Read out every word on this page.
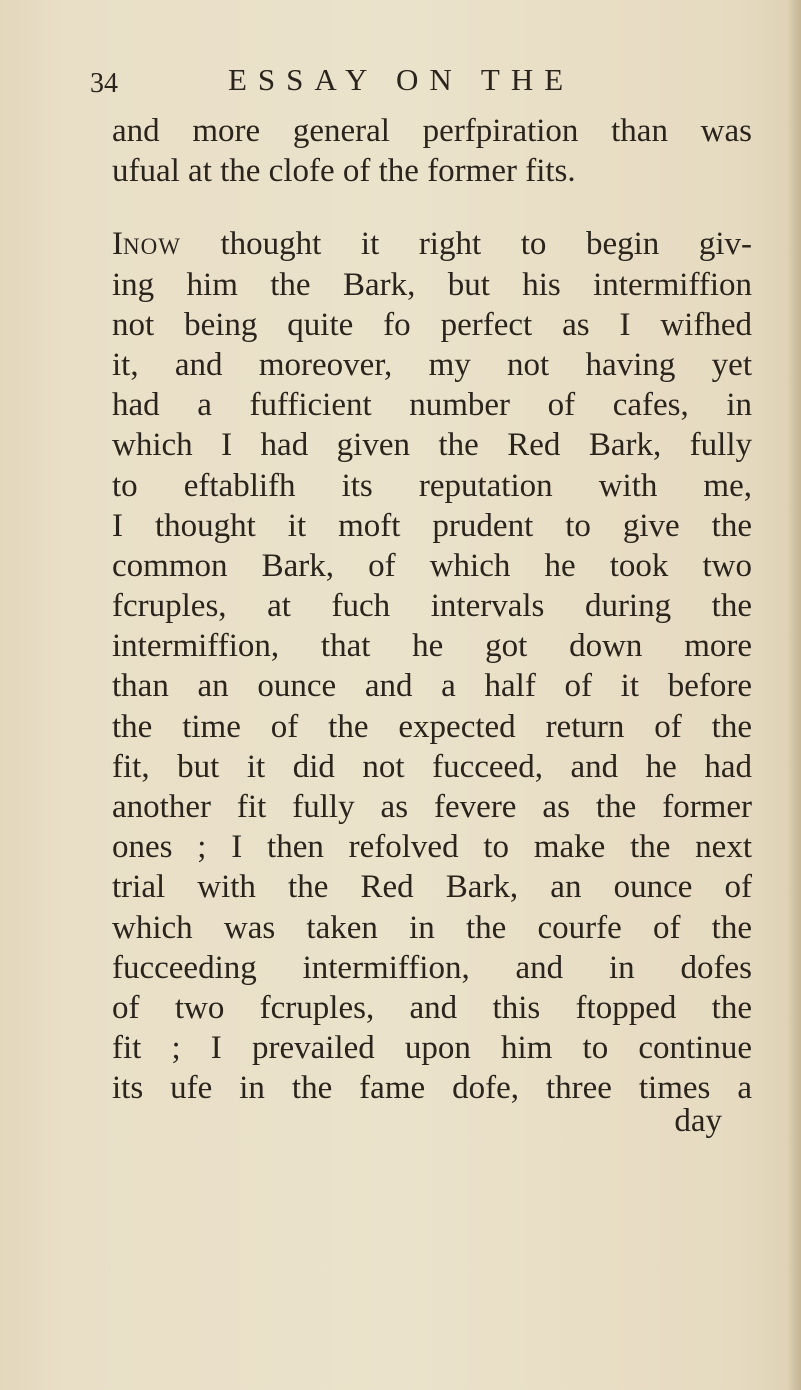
34	ESSAY ON THE
and more general perfpiration than was
ufual at the clofe of the former fits.
Inow thought it right to begin giv-
ing him the Bark, but his intermiffion
not being quite fo perfect as I wifhed
it, and moreover, my not having yet
had a fufficient number of cafes, in
which I had given the Red Bark, fully
to eftablifh its reputation with me,
I thought it moft prudent to give the
common Bark, of which he took two
fcruples, at fuch intervals during the
intermiffion, that he got down more
than an ounce and a half of it before
the time of the expected return of the
fit, but it did not fucceed, and he had
another fit fully as fevere as the former
ones ; I then refolved to make the next
trial with the Red Bark, an ounce of
which was taken in the courfe of the
fucceeding intermiffion, and in dofes
of two fcruples, and this ftopped the
fit ; I prevailed upon him to continue
its ufe in the fame dofe, three times a
day
